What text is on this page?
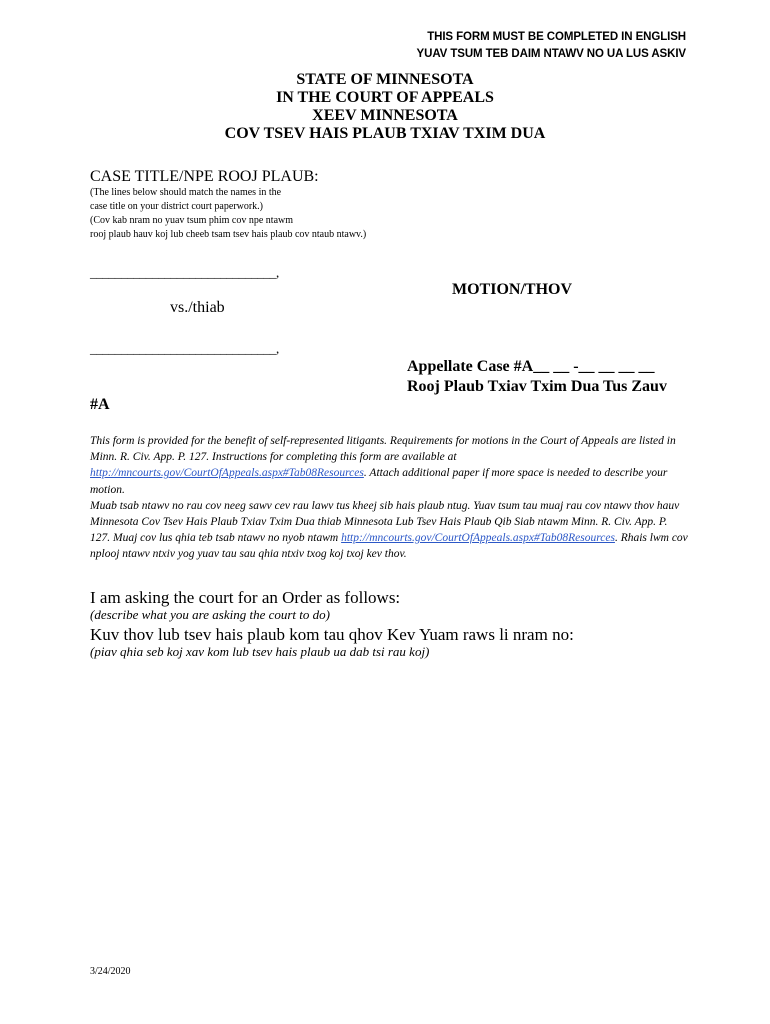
THIS FORM MUST BE COMPLETED IN ENGLISH
YUAV TSUM TEB DAIM NTAWV NO UA LUS ASKIV
STATE OF MINNESOTA
IN THE COURT OF APPEALS
XEEV MINNESOTA
COV TSEV HAIS PLAUB TXIAV TXIM DUA
CASE TITLE/NPE ROOJ PLAUB:
(The lines below should match the names in the
case title on your district court paperwork.)
(Cov kab nram no yuav tsum phim cov npe ntawm
rooj plaub hauv koj lub cheeb tsam tsev hais plaub cov ntaub ntawv.)
______________________________,
vs./thiab
______________________________,
MOTION/THOV
Appellate Case #A__ __ -__ __ __ __
Rooj Plaub Txiav Txim Dua Tus Zauv
#A
This form is provided for the benefit of self-represented litigants. Requirements for motions in the Court of Appeals are listed in Minn. R. Civ. App. P. 127. Instructions for completing this form are available at http://mncourts.gov/CourtOfAppeals.aspx#Tab08Resources. Attach additional paper if more space is needed to describe your motion.
Muab tsab ntawv no rau cov neeg sawv cev rau lawv tus kheej sib hais plaub ntug. Yuav tsum tau muaj rau cov ntawv thov hauv Minnesota Cov Tsev Hais Plaub Txiav Txim Dua thiab Minnesota Lub Tsev Hais Plaub Qib Siab ntawm Minn. R. Civ. App. P. 127. Muaj cov lus qhia teb tsab ntawv no nyob ntawm http://mncourts.gov/CourtOfAppeals.aspx#Tab08Resources. Rhais lwm cov nplooj ntawv ntxiv yog yuav tau sau qhia ntxiv txog koj txoj kev thov.
I am asking the court for an Order as follows:
(describe what you are asking the court to do)
Kuv thov lub tsev hais plaub kom tau qhov Kev Yuam raws li nram no:
(piav qhia seb koj xav kom lub tsev hais plaub ua dab tsi rau koj)
3/24/2020
